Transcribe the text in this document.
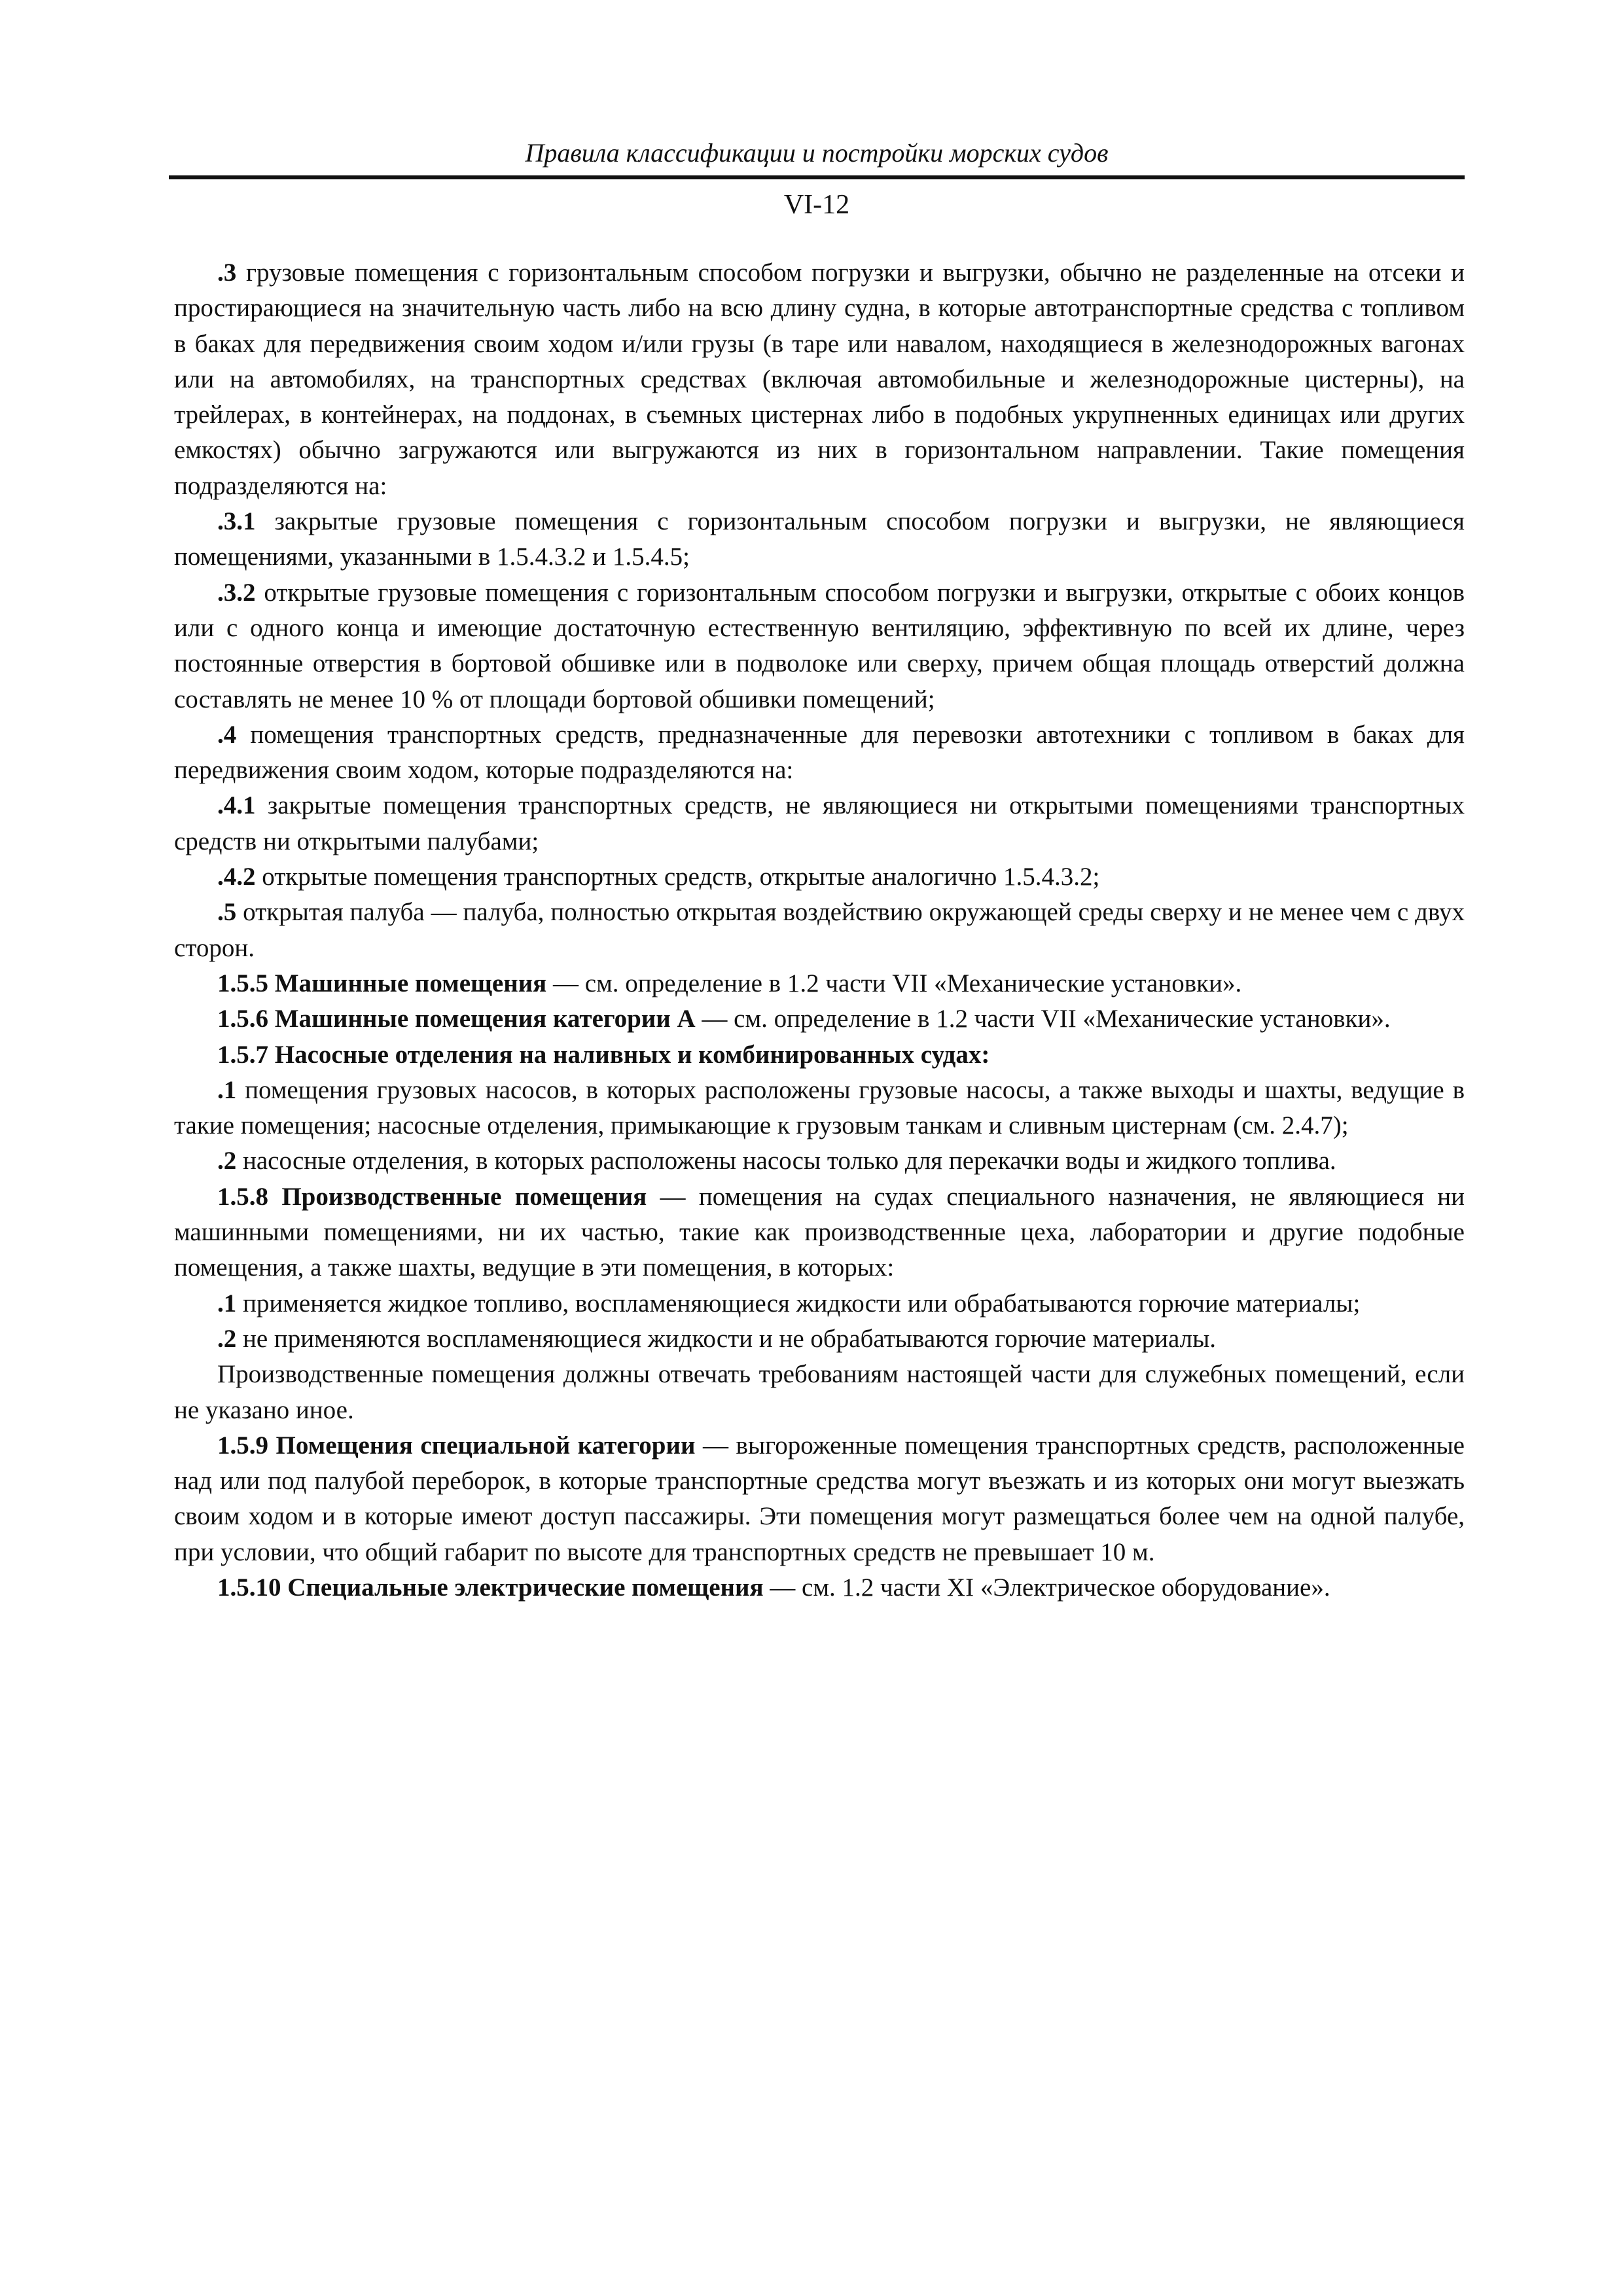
Правила классификации и постройки морских судов
VI-12

.3 грузовые помещения с горизонтальным способом погрузки и выгрузки, обычно не разделенные на отсеки и простирающиеся на значительную часть либо на всю длину судна, в которые автотранспортные средства с топливом в баках для передвижения своим ходом и/или грузы (в таре или навалом, находящиеся в железнодорожных вагонах или на автомобилях, на транспортных средствах (включая автомобильные и железнодорожные цистерны), на трейлерах, в контейнерах, на поддонах, в съемных цистернах либо в подобных укрупненных единицах или других емкостях) обычно загружаются или выгружаются из них в горизонтальном направлении. Такие помещения подразделяются на:

.3.1 закрытые грузовые помещения с горизонтальным способом погрузки и выгрузки, не являющиеся помещениями, указанными в 1.5.4.3.2 и 1.5.4.5;

.3.2 открытые грузовые помещения с горизонтальным способом погрузки и выгрузки, открытые с обоих концов или с одного конца и имеющие достаточную естественную вентиляцию, эффективную по всей их длине, через постоянные отверстия в бортовой обшивке или в подволоке или сверху, причем общая площадь отверстий должна составлять не менее 10 % от площади бортовой обшивки помещений;

.4 помещения транспортных средств, предназначенные для перевозки автотехники с топливом в баках для передвижения своим ходом, которые подразделяются на:

.4.1 закрытые помещения транспортных средств, не являющиеся ни открытыми помещениями транспортных средств ни открытыми палубами;

.4.2 открытые помещения транспортных средств, открытые аналогично 1.5.4.3.2;

.5 открытая палуба — палуба, полностью открытая воздействию окружающей среды сверху и не менее чем с двух сторон.

1.5.5 Машинные помещения — см. определение в 1.2 части VII «Механические установки».

1.5.6 Машинные помещения категории А — см. определение в 1.2 части VII «Механические установки».

1.5.7 Насосные отделения на наливных и комбинированных судах:

.1 помещения грузовых насосов, в которых расположены грузовые насосы, а также выходы и шахты, ведущие в такие помещения; насосные отделения, примыкающие к грузовым танкам и сливным цистернам (см. 2.4.7);

.2 насосные отделения, в которых расположены насосы только для перекачки воды и жидкого топлива.

1.5.8 Производственные помещения — помещения на судах специального назначения, не являющиеся ни машинными помещениями, ни их частью, такие как производственные цеха, лаборатории и другие подобные помещения, а также шахты, ведущие в эти помещения, в которых:

.1 применяется жидкое топливо, воспламеняющиеся жидкости или обрабатываются горючие материалы;

.2 не применяются воспламеняющиеся жидкости и не обрабатываются горючие материалы.

Производственные помещения должны отвечать требованиям настоящей части для служебных помещений, если не указано иное.

1.5.9 Помещения специальной категории — выгороженные помещения транспортных средств, расположенные над или под палубой переборок, в которые транспортные средства могут въезжать и из которых они могут выезжать своим ходом и в которые имеют доступ пассажиры. Эти помещения могут размещаться более чем на одной палубе, при условии, что общий габарит по высоте для транспортных средств не превышает 10 м.

1.5.10 Специальные электрические помещения — см. 1.2 части XI «Электрическое оборудование».
